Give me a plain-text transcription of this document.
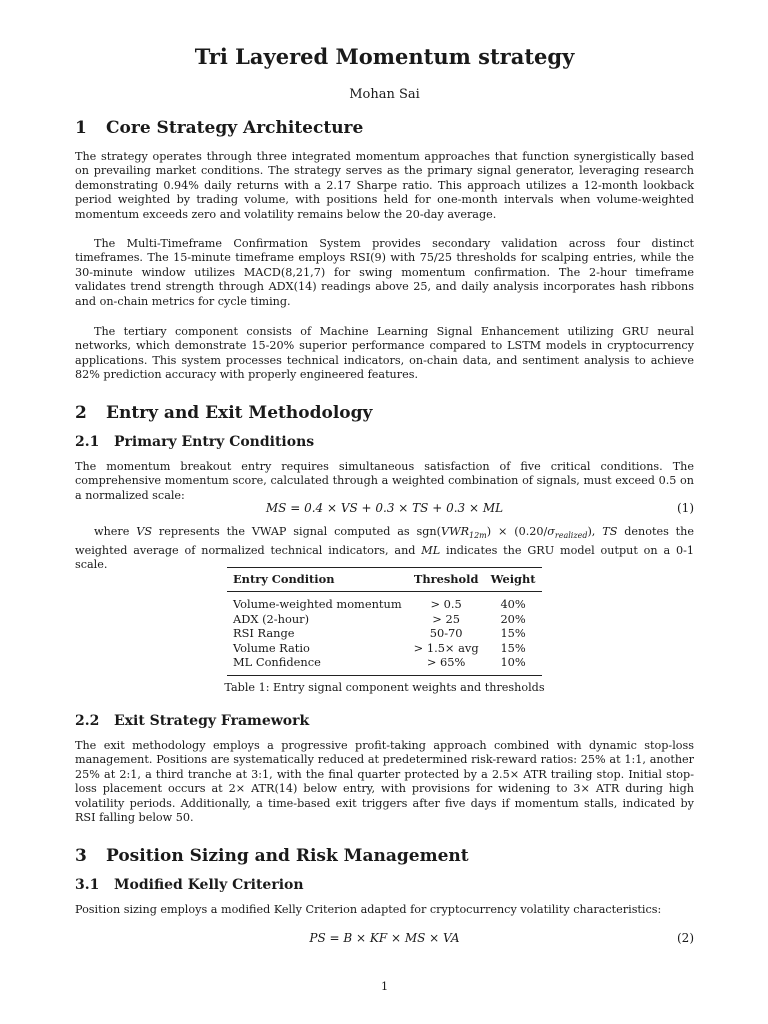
Tri Layered Momentum strategy
Mohan Sai
1 Core Strategy Architecture

The strategy operates through three integrated momentum approaches that function synergistically based on prevailing market conditions. The strategy serves as the primary signal generator, leveraging research demonstrating 0.94% daily returns with a 2.17 Sharpe ratio. This approach utilizes a 12-month lookback period weighted by trading volume, with positions held for one-month intervals when volume-weighted momentum exceeds zero and volatility remains below the 20-day average.

The Multi-Timeframe Confirmation System provides secondary validation across four distinct timeframes. The 15-minute timeframe employs RSI(9) with 75/25 thresholds for scalping entries, while the 30-minute window utilizes MACD(8,21,7) for swing momentum confirmation. The 2-hour timeframe validates trend strength through ADX(14) readings above 25, and daily analysis incorporates hash ribbons and on-chain metrics for cycle timing.

The tertiary component consists of Machine Learning Signal Enhancement utilizing GRU neural networks, which demonstrate 15-20% superior performance compared to LSTM models in cryptocurrency applications. This system processes technical indicators, on-chain data, and sentiment analysis to achieve 82% prediction accuracy with properly engineered features.

2 Entry and Exit Methodology
2.1 Primary Entry Conditions

The momentum breakout entry requires simultaneous satisfaction of five critical conditions. The comprehensive momentum score, calculated through a weighted combination of signals, must exceed 0.5 on a normalized scale:

MS = 0.4 × VS + 0.3 × TS + 0.3 × ML	(1)

where VS represents the VWAP signal computed as $sgn(VWR_{12m}) \times (0.20/\sigma_{realized})$, TS denotes the weighted average of normalized technical indicators, and ML indicates the GRU model output on a 0-1 scale.

Entry Condition	Threshold	Weight
Volume-weighted momentum	> 0.5	40%
ADX (2-hour)	> 25	20%
RSI Range	50-70	15%
Volume Ratio	> 1.5× avg	15%
ML Confidence	> 65%	10%
Table 1: Entry signal component weights and thresholds
2.2 Exit Strategy Framework

The exit methodology employs a progressive profit-taking approach combined with dynamic stop-loss management. Positions are systematically reduced at predetermined risk-reward ratios: 25% at 1:1, another 25% at 2:1, a third tranche at 3:1, with the final quarter protected by a 2.5× ATR trailing stop. Initial stop-loss placement occurs at 2× ATR(14) below entry, with provisions for widening to 3× ATR during high volatility periods. Additionally, a time-based exit triggers after five days if momentum stalls, indicated by RSI falling below 50.

3 Position Sizing and Risk Management
3.1 Modified Kelly Criterion

Position sizing employs a modified Kelly Criterion adapted for cryptocurrency volatility characteristics:

PS = B × KF × MS × VA	(2)
1
